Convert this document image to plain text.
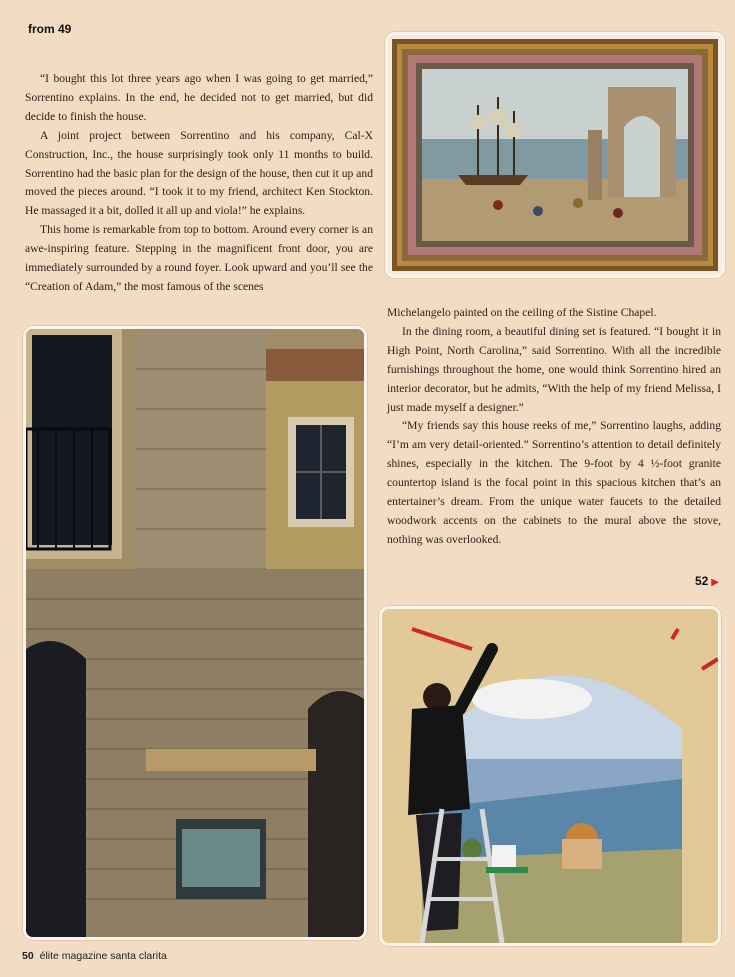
from 49

“I bought this lot three years ago when I was going to get married,” Sorrentino explains. In the end, he decided not to get married, but did decide to finish the house.

A joint project between Sorrentino and his company, Cal-X Construction, Inc., the house surprisingly took only 11 months to build. Sorrentino had the basic plan for the design of the house, then cut it up and moved the pieces around. “I took it to my friend, architect Ken Stockton. He massaged it a bit, dolled it all up and viola!” he explains.

This home is remarkable from top to bottom. Around every corner is an awe-inspiring feature. Stepping in the magnificent front door, you are immediately surrounded by a round foyer. Look upward and you’ll see the “Creation of Adam,” the most famous of the scenes

Michelangelo painted on the ceiling of the Sistine Chapel.

In the dining room, a beautiful dining set is featured. “I bought it in High Point, North Carolina,” said Sorrentino. With all the incredible furnishings throughout the home, one would think Sorrentino hired an interior decorator, but he admits, “With the help of my friend Melissa, I just made myself a designer.”

“My friends say this house reeks of me,” Sorrentino laughs, adding “I’m am very detail-oriented.” Sorrentino’s attention to detail definitely shines, especially in the kitchen. The 9-foot by 4 ½-foot granite countertop island is the focal point in this spacious kitchen that’s an entertainer’s dream. From the unique water faucets to the detailed woodwork accents on the cabinets to the mural above the stove, nothing was overlooked.

52 ▶
50 élite magazine santa clarita
